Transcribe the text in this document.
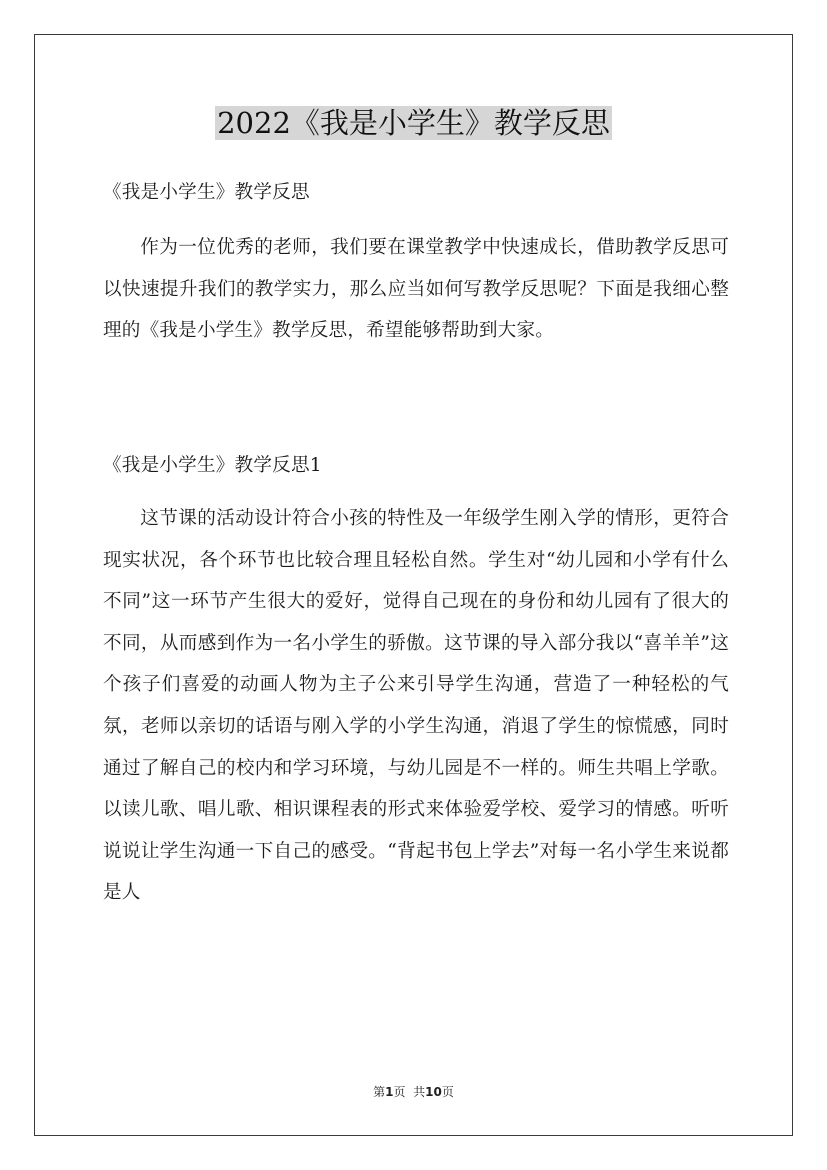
2022《我是小学生》教学反思
《我是小学生》教学反思

作为一位优秀的老师，我们要在课堂教学中快速成长，借助教学反思可以快速提升我们的教学实力，那么应当如何写教学反思呢？下面是我细心整理的《我是小学生》教学反思，希望能够帮助到大家。

《我是小学生》教学反思1

这节课的活动设计符合小孩的特性及一年级学生刚入学的情形，更符合现实状况，各个环节也比较合理且轻松自然。学生对“幼儿园和小学有什么不同”这一环节产生很大的爱好，觉得自己现在的身份和幼儿园有了很大的不同，从而感到作为一名小学生的骄傲。这节课的导入部分我以“喜羊羊”这个孩子们喜爱的动画人物为主子公来引导学生沟通，营造了一种轻松的气氛，老师以亲切的话语与刚入学的小学生沟通，消退了学生的惊慌感，同时通过了解自己的校内和学习环境，与幼儿园是不一样的。师生共唱上学歌。以读儿歌、唱儿歌、相识课程表的形式来体验爱学校、爱学习的情感。听听说说让学生沟通一下自己的感受。“背起书包上学去”对每一名小学生来说都是人

第1页 共10页
